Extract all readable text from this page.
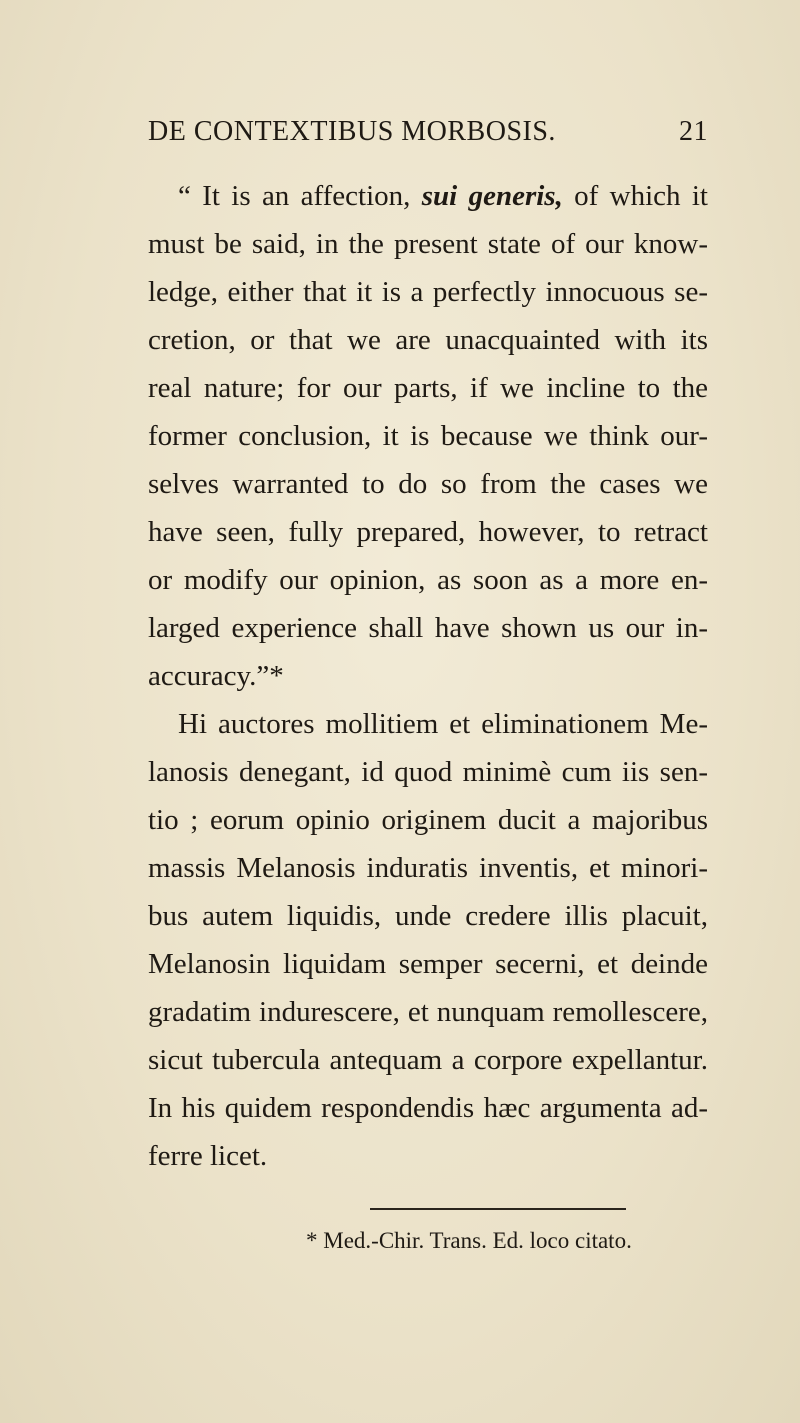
DE CONTEXTIBUS MORBOSIS.	21
“ It is an affection, sui generis, of which it
must be said, in the present state of our know-
ledge, either that it is a perfectly innocuous se-
cretion, or that we are unacquainted with its
real nature; for our parts, if we incline to the
former conclusion, it is because we think our-
selves warranted to do so from the cases we
have seen, fully prepared, however, to retract
or modify our opinion, as soon as a more en-
larged experience shall have shown us our in-
accuracy.”*
Hi auctores mollitiem et eliminationem Me-
lanosis denegant, id quod minimè cum iis sen-
tio ; eorum opinio originem ducit a majoribus
massis Melanosis induratis inventis, et minori-
bus autem liquidis, unde credere illis placuit,
Melanosin liquidam semper secerni, et deinde
gradatim indurescere, et nunquam remollescere,
sicut tubercula antequam a corpore expellantur.
In his quidem respondendis hæc argumenta ad-
ferre licet.
* Med.-Chir. Trans. Ed. loco citato.
